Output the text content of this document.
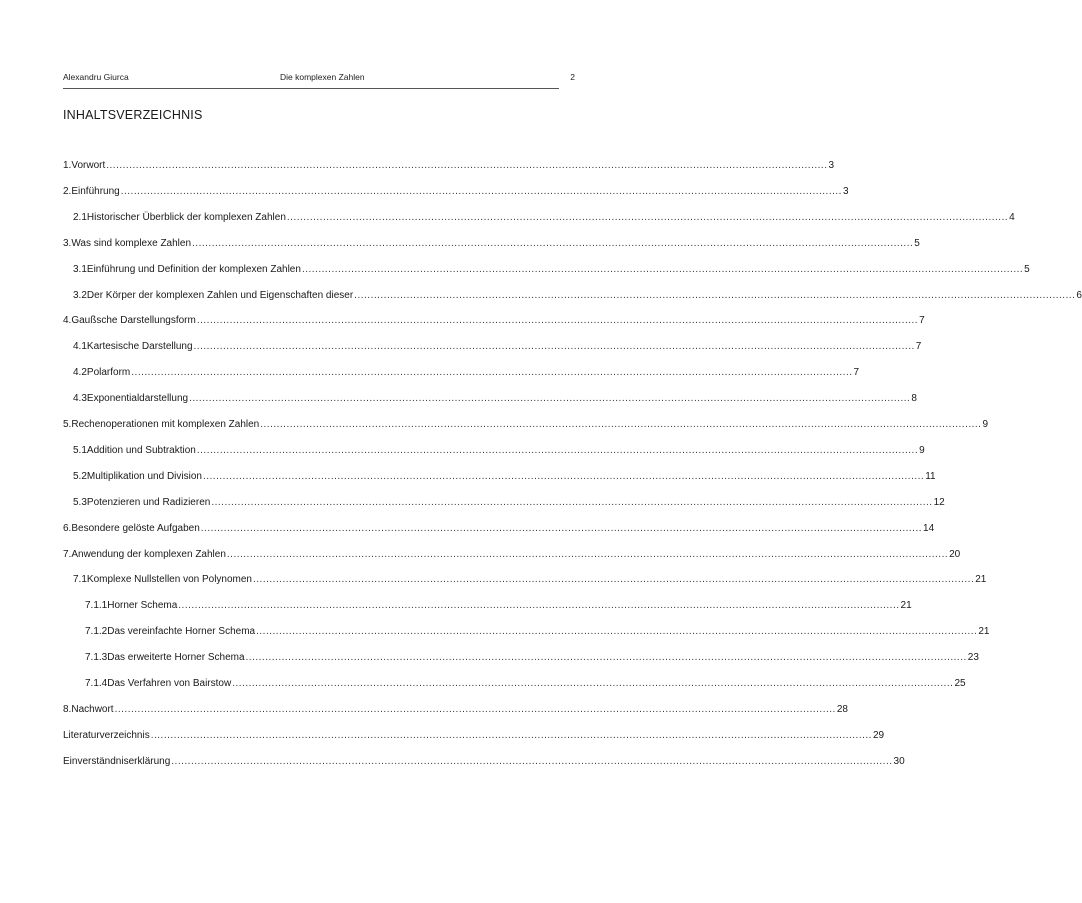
Alexandru Giurca	Die komplexen Zahlen	2
INHALTSVERZEICHNIS
1. Vorwort ............................................................................................................................................................................................................................ 3
2. Einführung ............................................................................................................................................................................................................................ 3
2.1 Historischer Überblick der komplexen Zahlen ............................................................................................................................................................................................................................ 4
3. Was sind komplexe Zahlen ............................................................................................................................................................................................................................ 5
3.1 Einführung und Definition der komplexen Zahlen ............................................................................................................................................................................................................................ 5
3.2 Der Körper der komplexen Zahlen und Eigenschaften dieser ............................................................................................................................................................................................................................ 6
4. Gaußsche Darstellungsform ............................................................................................................................................................................................................................ 7
4.1 Kartesische Darstellung ............................................................................................................................................................................................................................ 7
4.2 Polarform ............................................................................................................................................................................................................................ 7
4.3 Exponentialdarstellung ............................................................................................................................................................................................................................ 8
5. Rechenoperationen mit komplexen Zahlen ............................................................................................................................................................................................................................ 9
5.1 Addition und Subtraktion ............................................................................................................................................................................................................................ 9
5.2 Multiplikation und Division ............................................................................................................................................................................................................................ 11
5.3 Potenzieren und Radizieren ............................................................................................................................................................................................................................ 12
6. Besondere gelöste Aufgaben ............................................................................................................................................................................................................................ 14
7. Anwendung der komplexen Zahlen ............................................................................................................................................................................................................................ 20
7.1 Komplexe Nullstellen von Polynomen ............................................................................................................................................................................................................................ 21
7.1.1 Horner Schema ............................................................................................................................................................................................................................ 21
7.1.2 Das vereinfachte Horner Schema ............................................................................................................................................................................................................................ 21
7.1.3 Das erweiterte Horner Schema ............................................................................................................................................................................................................................ 23
7.1.4 Das Verfahren von Bairstow ............................................................................................................................................................................................................................ 25
8. Nachwort ............................................................................................................................................................................................................................ 28
Literaturverzeichnis ............................................................................................................................................................................................................................ 29
Einverständniserklärung ............................................................................................................................................................................................................................ 30
